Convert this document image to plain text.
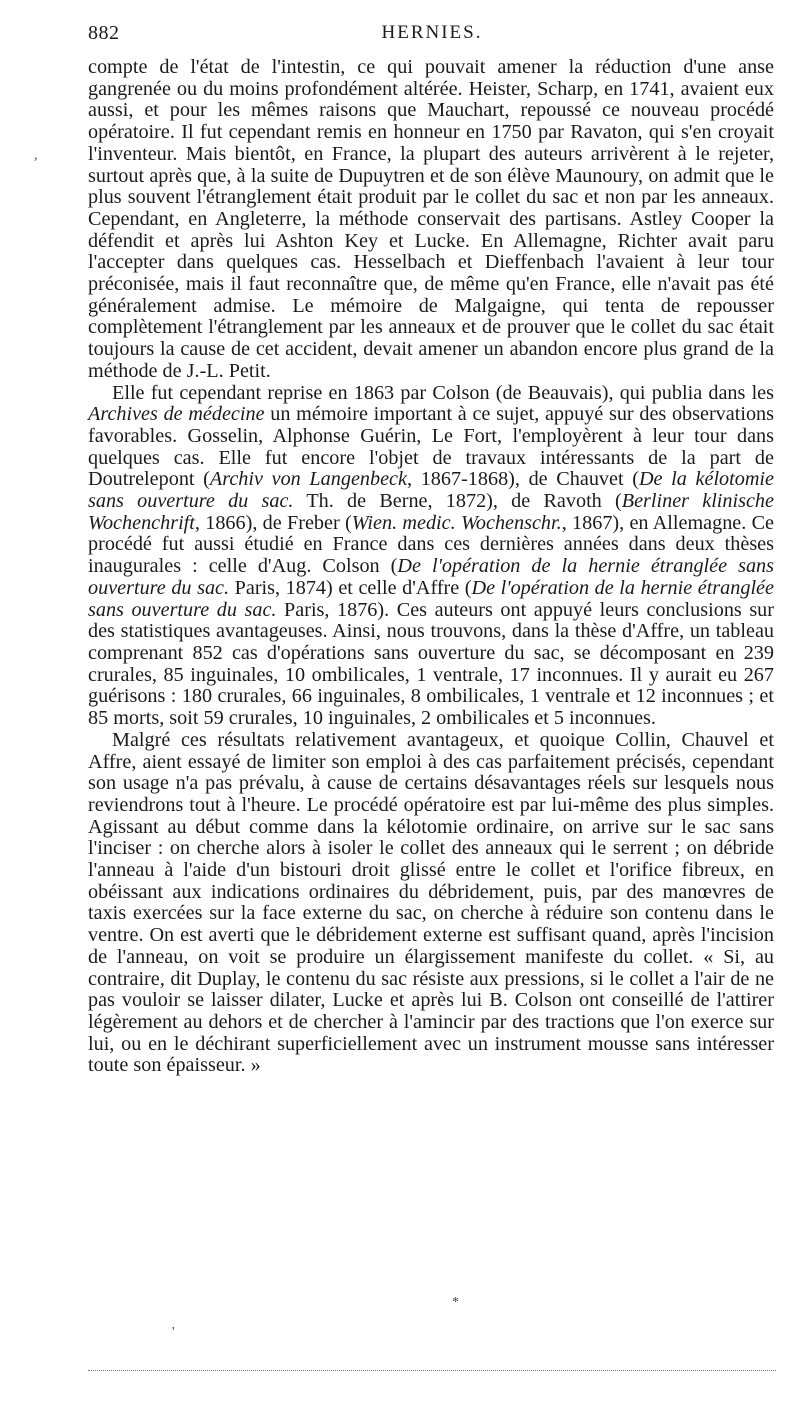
882	HERNIES.

compte de l'état de l'intestin, ce qui pouvait amener la réduction d'une anse gangrenée ou du moins profondément altérée. Heister, Scharp, en 1741, avaient eux aussi, et pour les mêmes raisons que Mauchart, repoussé ce nouveau procédé opératoire. Il fut cependant remis en honneur en 1750 par Ravaton, qui s'en croyait l'inventeur. Mais bientôt, en France, la plupart des auteurs arrivèrent à le rejeter, surtout après que, à la suite de Dupuytren et de son élève Maunoury, on admit que le plus souvent l'étranglement était produit par le collet du sac et non par les anneaux. Cependant, en Angleterre, la méthode conservait des partisans. Astley Cooper la défendit et après lui Ashton Key et Lucke. En Allemagne, Richter avait paru l'accepter dans quelques cas. Hesselbach et Dieffenbach l'avaient à leur tour préconisée, mais il faut reconnaître que, de même qu'en France, elle n'avait pas été généralement admise. Le mémoire de Malgaigne, qui tenta de repousser complètement l'étranglement par les anneaux et de prouver que le collet du sac était toujours la cause de cet accident, devait amener un abandon encore plus grand de la méthode de J.-L. Petit.

Elle fut cependant reprise en 1863 par Colson (de Beauvais), qui publia dans les Archives de médecine un mémoire important à ce sujet, appuyé sur des observations favorables. Gosselin, Alphonse Guérin, Le Fort, l'employèrent à leur tour dans quelques cas. Elle fut encore l'objet de travaux intéressants de la part de Doutrelepont (Archiv von Langenbeck, 1867-1868), de Chauvet (De la kélotomie sans ouverture du sac. Th. de Berne, 1872), de Ravoth (Berliner klinische Wochenchrift, 1866), de Freber (Wien. medic. Wochenschr., 1867), en Allemagne. Ce procédé fut aussi étudié en France dans ces dernières années dans deux thèses inaugurales : celle d'Aug. Colson (De l'opération de la hernie étranglée sans ouverture du sac. Paris, 1874) et celle d'Affre (De l'opération de la hernie étranglée sans ouverture du sac. Paris, 1876). Ces auteurs ont appuyé leurs conclusions sur des statistiques avantageuses. Ainsi, nous trouvons, dans la thèse d'Affre, un tableau comprenant 852 cas d'opérations sans ouverture du sac, se décomposant en 239 crurales, 85 inguinales, 10 ombilicales, 1 ventrale, 17 inconnues. Il y aurait eu 267 guérisons : 180 crurales, 66 inguinales, 8 ombilicales, 1 ventrale et 12 inconnues ; et 85 morts, soit 59 crurales, 10 inguinales, 2 ombilicales et 5 inconnues.

Malgré ces résultats relativement avantageux, et quoique Collin, Chauvel et Affre, aient essayé de limiter son emploi à des cas parfaitement précisés, cependant son usage n'a pas prévalu, à cause de certains désavantages réels sur lesquels nous reviendrons tout à l'heure. Le procédé opératoire est par lui-même des plus simples. Agissant au début comme dans la kélotomie ordinaire, on arrive sur le sac sans l'inciser : on cherche alors à isoler le collet des anneaux qui le serrent ; on débride l'anneau à l'aide d'un bistouri droit glissé entre le collet et l'orifice fibreux, en obéissant aux indications ordinaires du débridement, puis, par des manœvres de taxis exercées sur la face externe du sac, on cherche à réduire son contenu dans le ventre. On est averti que le débridement externe est suffisant quand, après l'incision de l'anneau, on voit se produire un élargissement manifeste du collet. « Si, au contraire, dit Duplay, le contenu du sac résiste aux pressions, si le collet a l'air de ne pas vouloir se laisser dilater, Lucke et après lui B. Colson ont conseillé de l'attirer légèrement au dehors et de chercher à l'amincir par des tractions que l'on exerce sur lui, ou en le déchirant superficiellement avec un instrument mousse sans intéresser toute son épaisseur. »

,
*
'
